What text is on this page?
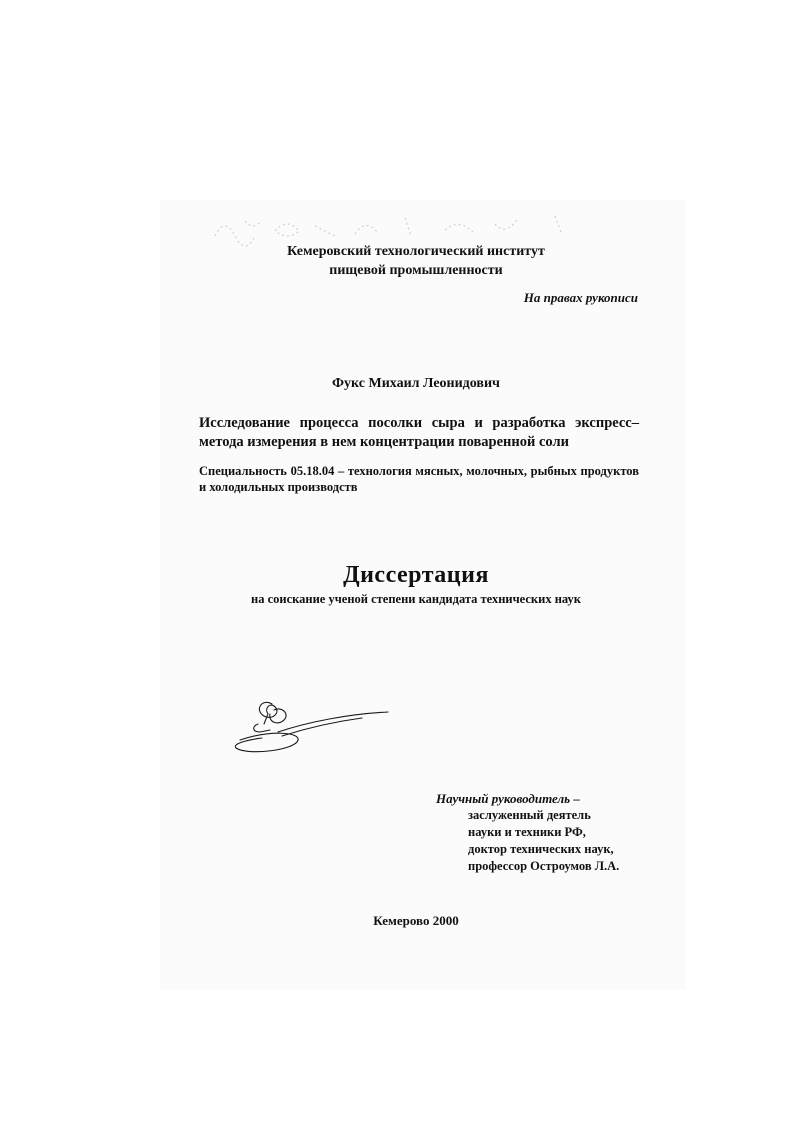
Кемеровский технологический институт
пищевой промышленности
На правах рукописи
Фукс Михаил Леонидович
Исследование процесса посолки сыра и разработка экспресс–метода измерения в нем концентрации поваренной соли
Специальность 05.18.04 – технология мясных, молочных, рыбных продуктов и холодильных производств
Диссертация
на соискание ученой степени кандидата технических наук
Научный руководитель –
заслуженный деятель
науки и техники РФ,
доктор технических наук,
профессор Остроумов Л.А.
Кемерово 2000
